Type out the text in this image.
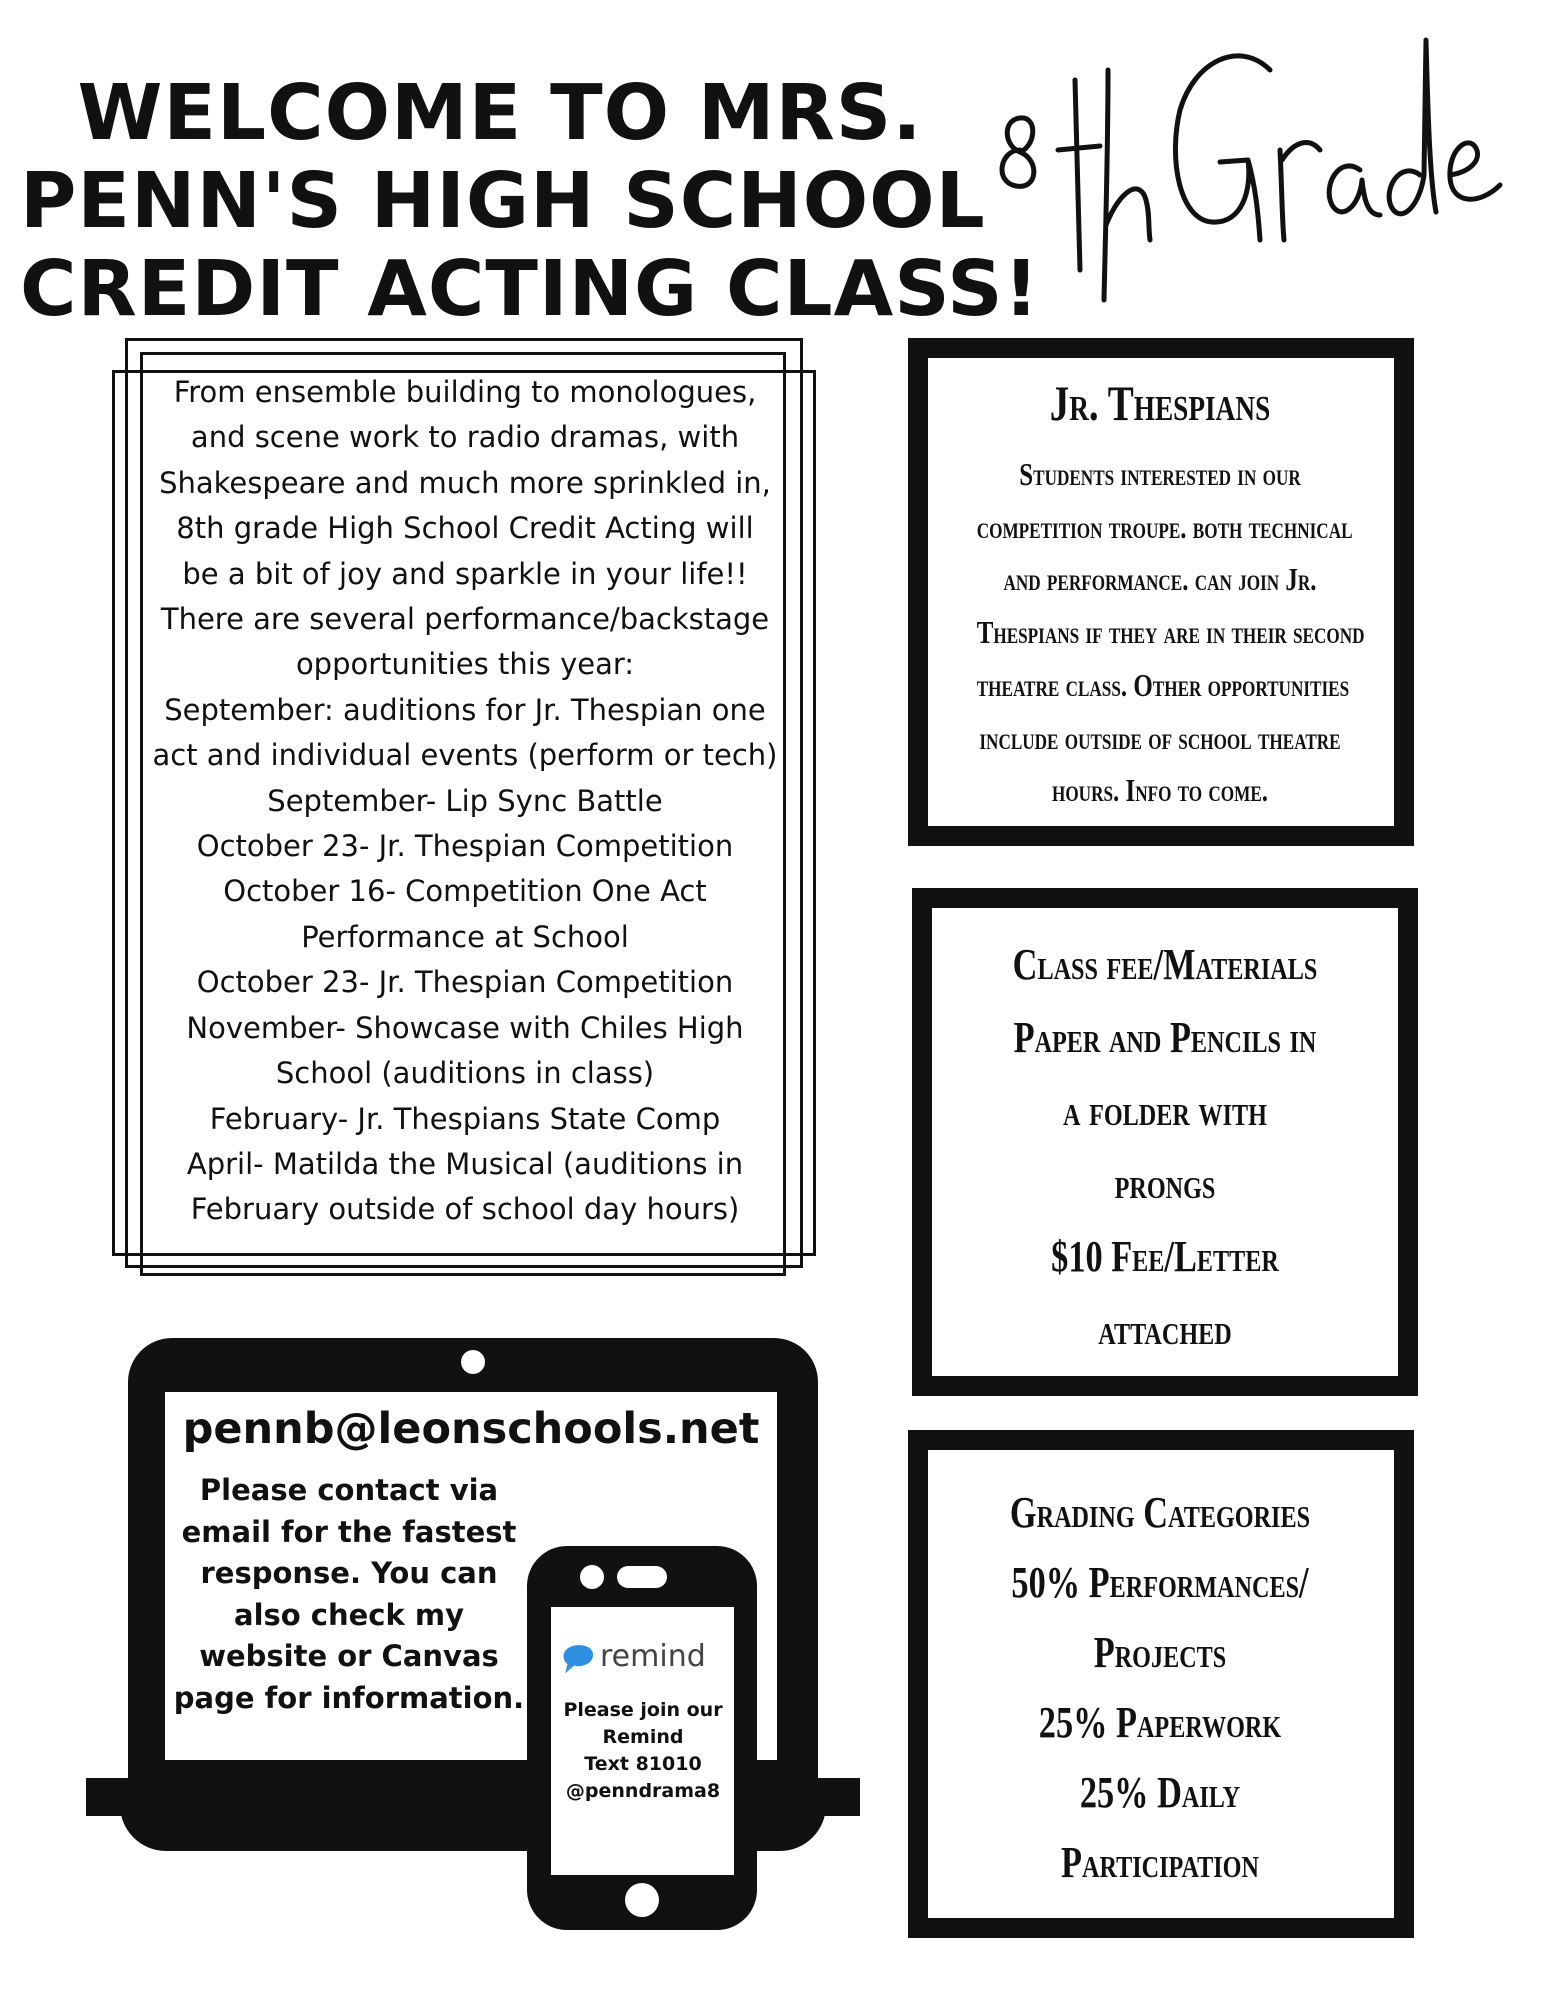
WELCOME TO MRS.
PENN'S HIGH SCHOOL
CREDIT ACTING CLASS!
From ensemble building to monologues,
and scene work to radio dramas, with
Shakespeare and much more sprinkled in,
8th grade High School Credit Acting will
be a bit of joy and sparkle in your life!!
There are several performance/backstage
opportunities this year:
September: auditions for Jr. Thespian one
act and individual events (perform or tech)
September- Lip Sync Battle
October 23- Jr. Thespian Competition
October 16- Competition One Act
Performance at School
October 23- Jr. Thespian Competition
November- Showcase with Chiles High
School (auditions in class)
February- Jr. Thespians State Comp
April- Matilda the Musical (auditions in
February outside of school day hours)
Jr. Thespians
Students interested in our
competition troupe. both technical
and performance. can join Jr.
Thespians if they are in their second
theatre class. Other opportunities
include outside of school theatre
hours. Info to come.
Class fee/Materials
Paper and Pencils in
a folder with
prongs
$10 Fee/Letter
attached
Grading Categories
50% Performances/
Projects
25% Paperwork
25% Daily
Participation
pennb@leonschools.net
Please contact via
email for the fastest
response. You can
also check my
website or Canvas
page for information.
remind
Please join our
Remind
Text 81010
@penndrama8
